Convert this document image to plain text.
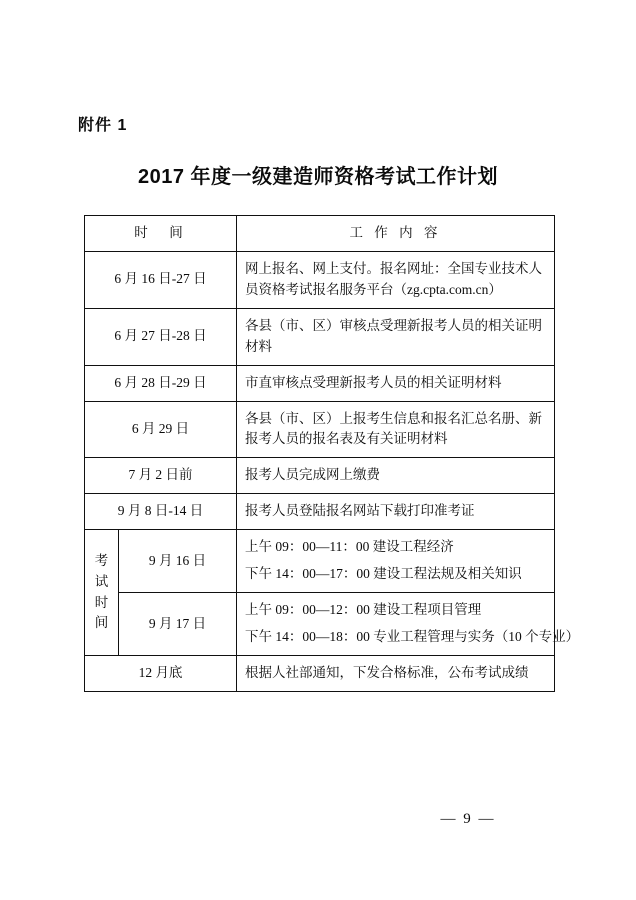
附件 1
2017 年度一级建造师资格考试工作计划
时　间		工 作 内 容
6 月 16 日-27 日		网上报名、网上支付。报名网址：全国专业技术人
员资格考试报名服务平台（zg.cpta.com.cn）

6 月 27 日-28 日		各县（市、区）审核点受理新报考人员的相关证明
材料

6 月 28 日-29 日		市直审核点受理新报考人员的相关证明材料

6 月 29 日		各县（市、区）上报考生信息和报名汇总名册、新
报考人员的报名表及有关证明材料

7 月 2 日前		报考人员完成网上缴费

9 月 8 日-14 日		报考人员登陆报名网站下载打印准考证

考
试
时
间	9 月 16 日	上午 09：00—11：00 建设工程经济
下午 14：00—17：00 建设工程法规及相关知识

	9 月 17 日	上午 09：00—12：00 建设工程项目管理
下午 14：00—18：00 专业工程管理与实务（10 个专业）

12 月底		根据人社部通知，下发合格标准，公布考试成绩
— 9 —
